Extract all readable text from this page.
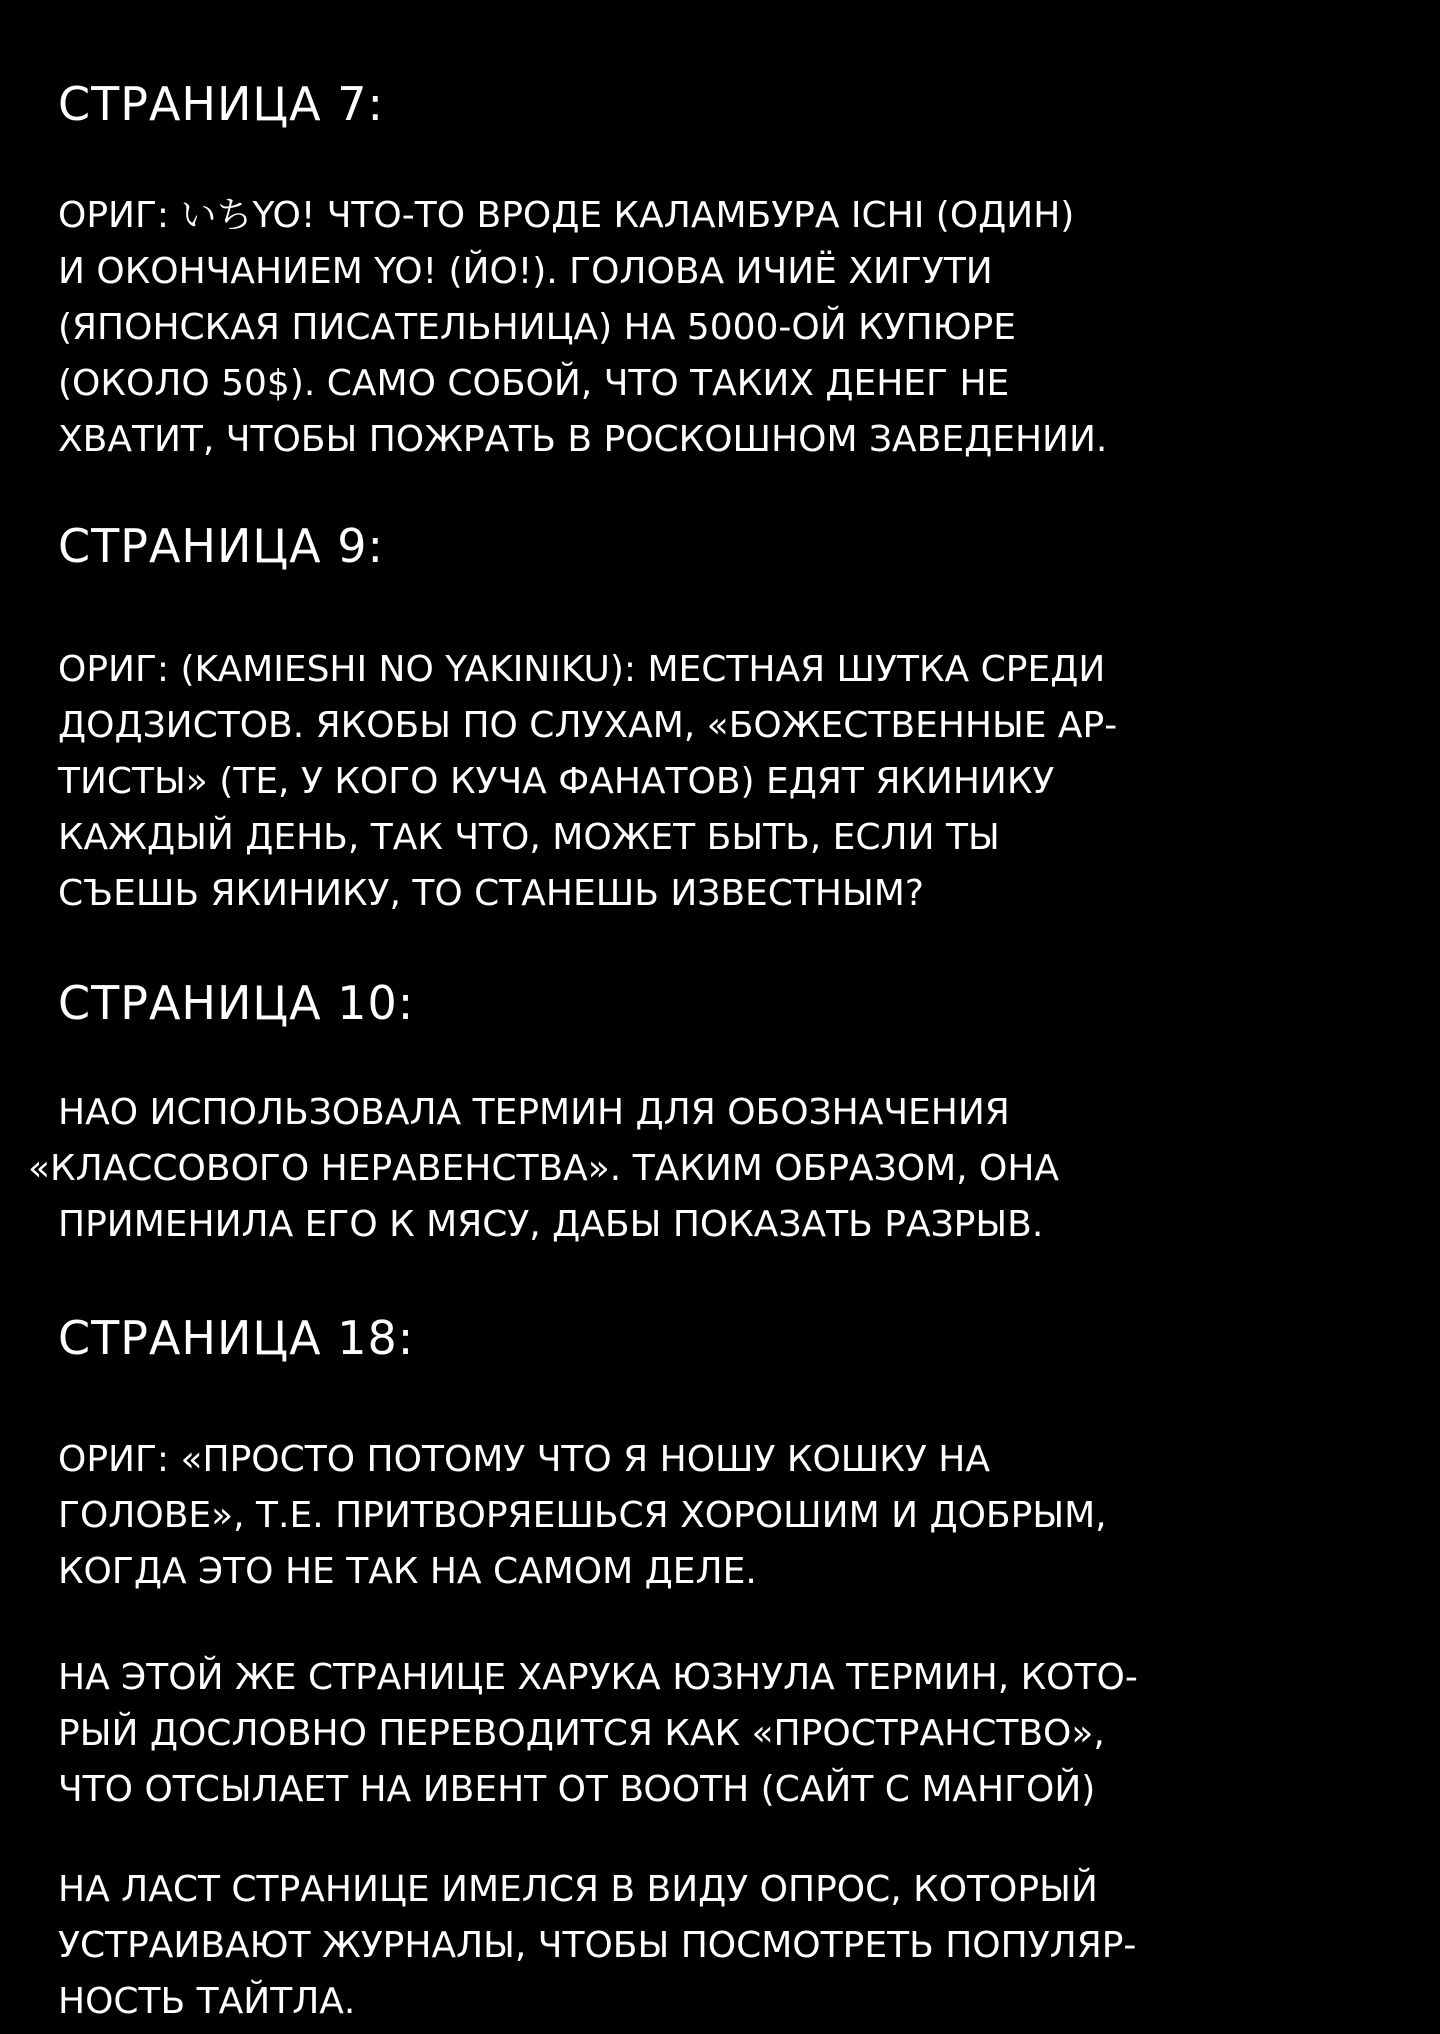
СТРАНИЦА 7:

ОРИГ: いちYO! ЧТО-ТО ВРОДЕ КАЛАМБУРА ICHI (ОДИН)
И ОКОНЧАНИЕМ YO! (ЙО!). ГОЛОВА ИЧИЁ ХИГУТИ
(ЯПОНСКАЯ ПИСАТЕЛЬНИЦА) НА 5000-ОЙ КУПЮРЕ
(ОКОЛО 50$). САМО СОБОЙ, ЧТО ТАКИХ ДЕНЕГ НЕ
ХВАТИТ, ЧТОБЫ ПОЖРАТЬ В РОСКОШНОМ ЗАВЕДЕНИИ.

СТРАНИЦА 9:

ОРИГ: (KAMIESHI NO YAKINIKU): МЕСТНАЯ ШУТКА СРЕДИ
ДОДЗИСТОВ. ЯКОБЫ ПО СЛУХАМ, «БОЖЕСТВЕННЫЕ АР-
ТИСТЫ» (ТЕ, У КОГО КУЧА ФАНАТОВ) ЕДЯТ ЯКИНИКУ
КАЖДЫЙ ДЕНЬ, ТАК ЧТО, МОЖЕТ БЫТЬ, ЕСЛИ ТЫ
СЪЕШЬ ЯКИНИКУ, ТО СТАНЕШЬ ИЗВЕСТНЫМ?

СТРАНИЦА 10:

НАО ИСПОЛЬЗОВАЛА ТЕРМИН ДЛЯ ОБОЗНАЧЕНИЯ
«КЛАССОВОГО НЕРАВЕНСТВА». ТАКИМ ОБРАЗОМ, ОНА
ПРИМЕНИЛА ЕГО К МЯСУ, ДАБЫ ПОКАЗАТЬ РАЗРЫВ.

СТРАНИЦА 18:

ОРИГ: «ПРОСТО ПОТОМУ ЧТО Я НОШУ КОШКУ НА
ГОЛОВЕ», Т.Е. ПРИТВОРЯЕШЬСЯ ХОРОШИМ И ДОБРЫМ,
КОГДА ЭТО НЕ ТАК НА САМОМ ДЕЛЕ.

НА ЭТОЙ ЖЕ СТРАНИЦЕ ХАРУКА ЮЗНУЛА ТЕРМИН, КОТО-
РЫЙ ДОСЛОВНО ПЕРЕВОДИТСЯ КАК «ПРОСТРАНСТВО»,
ЧТО ОТСЫЛАЕТ НА ИВЕНТ ОТ BOOTH (САЙТ С МАНГОЙ)

НА ЛАСТ СТРАНИЦЕ ИМЕЛСЯ В ВИДУ ОПРОС, КОТОРЫЙ
УСТРАИВАЮТ ЖУРНАЛЫ, ЧТОБЫ ПОСМОТРЕТЬ ПОПУЛЯР-
НОСТЬ ТАЙТЛА.
